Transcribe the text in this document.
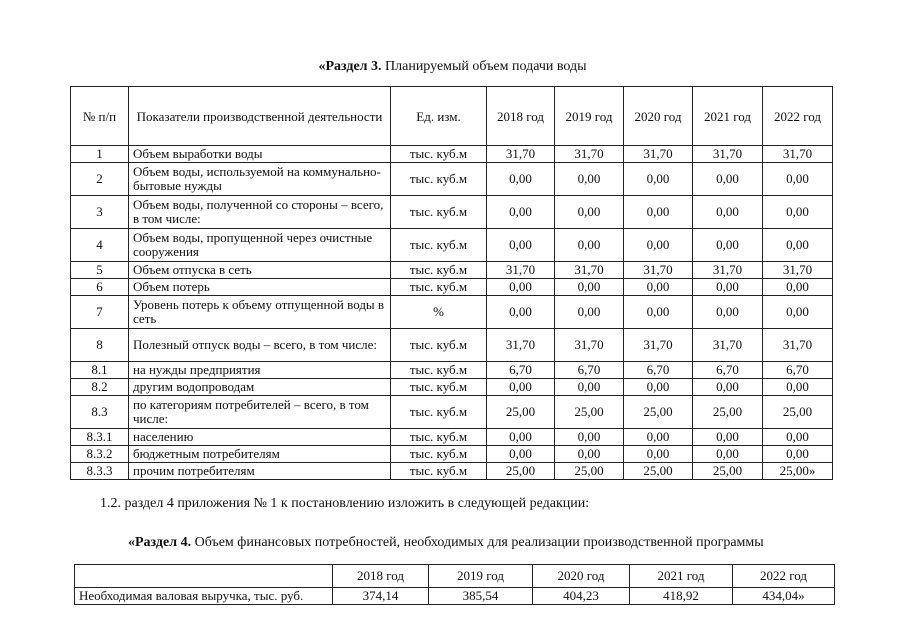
«Раздел 3. Планируемый объем подачи воды
№ п/п	Показатели производственной деятельности	Ед. изм.	2018 год	2019 год	2020 год	2021 год	2022 год
1	Объем выработки воды	тыс. куб.м	31,70	31,70	31,70	31,70	31,70
2	Объем воды, используемой на коммунально-бытовые нужды	тыс. куб.м	0,00	0,00	0,00	0,00	0,00
3	Объем воды, полученной со стороны – всего, в том числе:	тыс. куб.м	0,00	0,00	0,00	0,00	0,00
4	Объем воды, пропущенной через очистные сооружения	тыс. куб.м	0,00	0,00	0,00	0,00	0,00
5	Объем отпуска в сеть	тыс. куб.м	31,70	31,70	31,70	31,70	31,70
6	Объем потерь	тыс. куб.м	0,00	0,00	0,00	0,00	0,00
7	Уровень потерь к объему отпущенной воды в сеть	%	0,00	0,00	0,00	0,00	0,00
8	Полезный отпуск воды – всего, в том числе:	тыс. куб.м	31,70	31,70	31,70	31,70	31,70
8.1	на нужды предприятия	тыс. куб.м	6,70	6,70	6,70	6,70	6,70
8.2	другим водопроводам	тыс. куб.м	0,00	0,00	0,00	0,00	0,00
8.3	по категориям потребителей – всего, в том числе:	тыс. куб.м	25,00	25,00	25,00	25,00	25,00
8.3.1	населению	тыс. куб.м	0,00	0,00	0,00	0,00	0,00
8.3.2	бюджетным потребителям	тыс. куб.м	0,00	0,00	0,00	0,00	0,00
8.3.3	прочим потребителям	тыс. куб.м	25,00	25,00	25,00	25,00	25,00»
1.2. раздел 4 приложения № 1 к постановлению изложить в следующей редакции:
«Раздел 4. Объем финансовых потребностей, необходимых для реализации производственной программы
	2018 год	2019 год	2020 год	2021 год	2022 год
Необходимая валовая выручка, тыс. руб.	374,14	385,54	404,23	418,92	434,04»
